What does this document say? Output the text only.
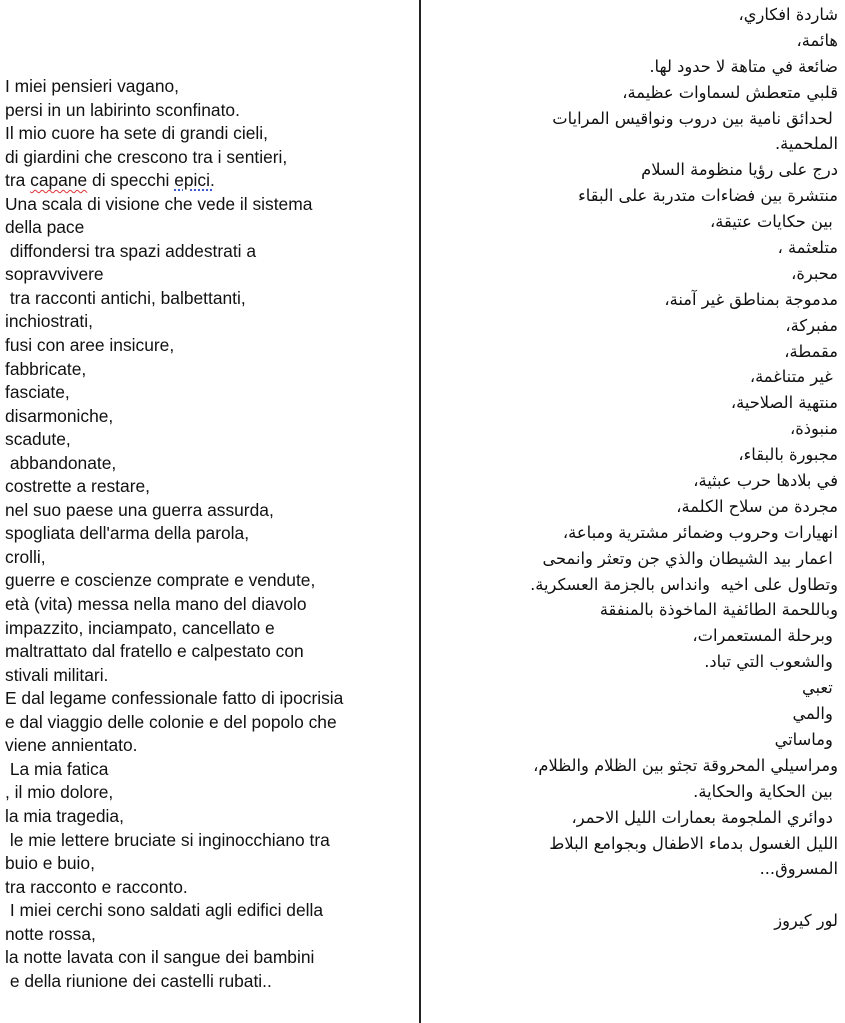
I miei pensieri vagano,
persi in un labirinto sconfinato.
Il mio cuore ha sete di grandi cieli,
di giardini che crescono tra i sentieri,
tra capane di specchi epici.
Una scala di visione che vede il sistema
della pace
diffondersi tra spazi addestrati a
sopravvivere
tra racconti antichi, balbettanti,
inchiostrati,
fusi con aree insicure,
fabbricate,
fasciate,
disarmoniche,
scadute,
abbandonate,
costrette a restare,
nel suo paese una guerra assurda,
spogliata dell'arma della parola,
crolli,
guerre e coscienze comprate e vendute,
età (vita) messa nella mano del diavolo
impazzito, inciampato, cancellato e
maltrattato dal fratello e calpestato con
stivali militari.
E dal legame confessionale fatto di ipocrisia
e dal viaggio delle colonie e del popolo che
viene annientato.
La mia fatica
, il mio dolore,
la mia tragedia,
le mie lettere bruciate si inginocchiano tra
buio e buio,
tra racconto e racconto.
I miei cerchi sono saldati agli edifici della
notte rossa,
la notte lavata con il sangue dei bambini
e della riunione dei castelli rubati..
شاردة افكاري،
هائمة،
ضائعة في متاهة لا حدود لها.
قلبي متعطش لسماوات عظيمة،
لحدائق نامية بين دروب ونواقيس المرايات
الملحمية.
درج على رؤيا منظومة السلام
منتشرة بين فضاءات متدربة على البقاء
بين حكايات عتيقة،
متلعثمة ،
محبرة،
مدموجة بمناطق غير آمنة،
مفبركة،
مقمطة،
غير متناغمة،
منتهية الصلاحية،
منبوذة،
مجبورة بالبقاء،
في بلادها حرب عبثية،
مجردة من سلاح الكلمة،
انهيارات وحروب وضمائر مشترية ومباعة،
اعمار بيد الشيطان والذي جن وتعثر وانمحى
وتطاول على اخيه  وانداس بالجزمة العسكرية.
وباللحمة الطائفية الماخوذة بالمنفقة
وبرحلة المستعمرات،
والشعوب التي تباد.
تعبي
والمي
وماساتي
ومراسيلي المحروقة تجثو بين الظلام والظلام،
بين الحكاية والحكاية.
دوائري الملجومة بعمارات الليل الاحمر،
الليل الغسول بدماء الاطفال وبجوامع البلاط
المسروق...
لور كيروز
